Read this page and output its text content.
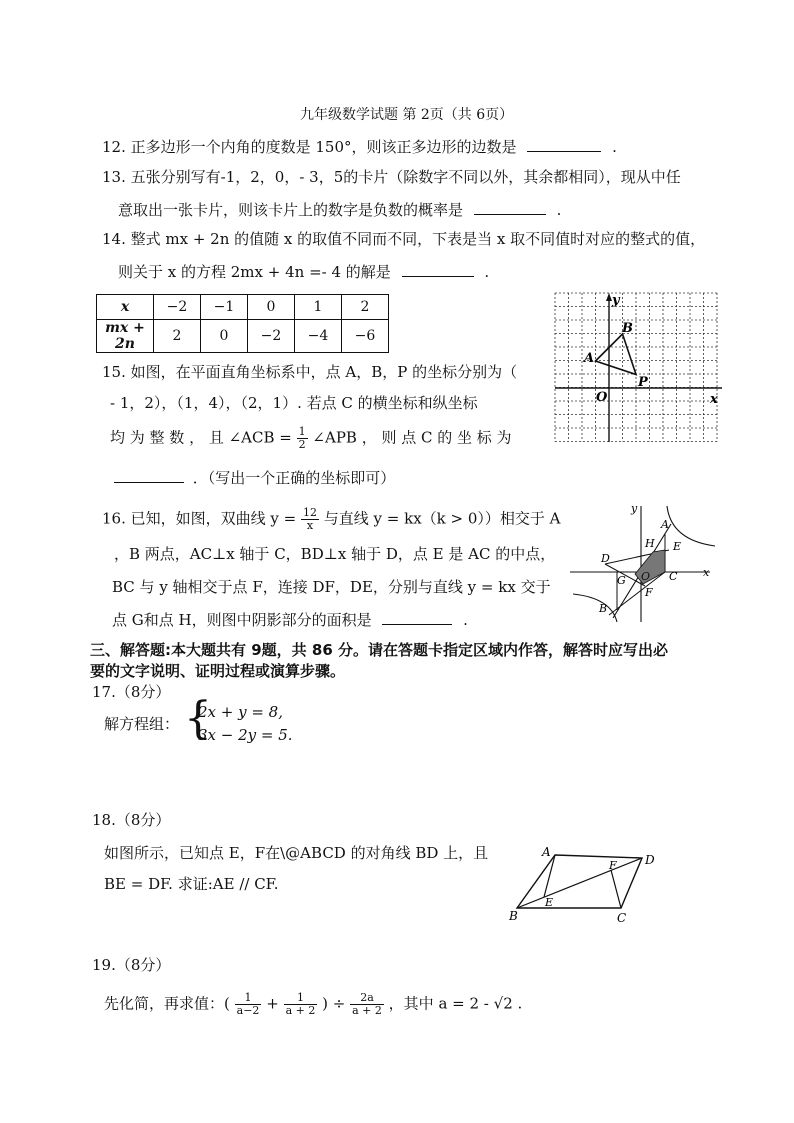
九年级数学试题 第 2页（共 6页）
12. 正多边形一个内角的度数是 150°，则该正多边形的边数是	.
13. 五张分别写有-1，2，0，- 3，5的卡片（除数字不同以外，其余都相同），现从中任
意取出一张卡片，则该卡片上的数字是负数的概率是	.
14. 整式 mx + 2n 的值随 x 的取值不同而不同，下表是当 x 取不同值时对应的整式的值，
则关于 x 的方程 2mx + 4n =- 4 的解是	.
x	−2	−1	0	1	2
mx + 2n	2	0	−2	−4	−6
15. 如图，在平面直角坐标系中，点 A，B，P 的坐标分别为（
- 1，2），（1，4），（2，1）. 若点 C 的横坐标和纵坐标
均 为 整 数 ， 且 ∠ACB = $\frac{1}{2}$ ∠APB ， 则 点 C 的 坐 标 为
．（写出一个正确的坐标即可）
y
x
A
B
P
O
16. 已知，如图，双曲线 $y = \frac{12}{x}$ 与直线 y = kx（k > 0））相交于 A
，B 两点，AC⊥x 轴于 C，BD⊥x 轴于 D，点 E 是 AC 的中点，
BC 与 y 轴相交于点 F，连接 DF，DE，分别与直线 y = kx 交于
点 G和点 H，则图中阴影部分的面积是	.
y
x
A
H E
D
G O C
F
B
三、解答题:本大题共有 9题，共 86 分。请在答题卡指定区域内作答，解答时应写出必
要的文字说明、证明过程或演算步骤。
17.（8分）
解方程组： {
2x + y = 8,
3x − 2y = 5.
18.（8分）
如图所示，已知点 E，F在\@ABCD 的对角线 BD 上，且
BE = DF. 求证:AE // CF.
A
D
F
E
B	C
19.（8分）
先化简，再求值：( $\frac{1}{a-2} + \frac{1}{a + 2}$ ) ÷ $\frac{2a}{a + 2}$ ，其中 a = 2 - √2 .
